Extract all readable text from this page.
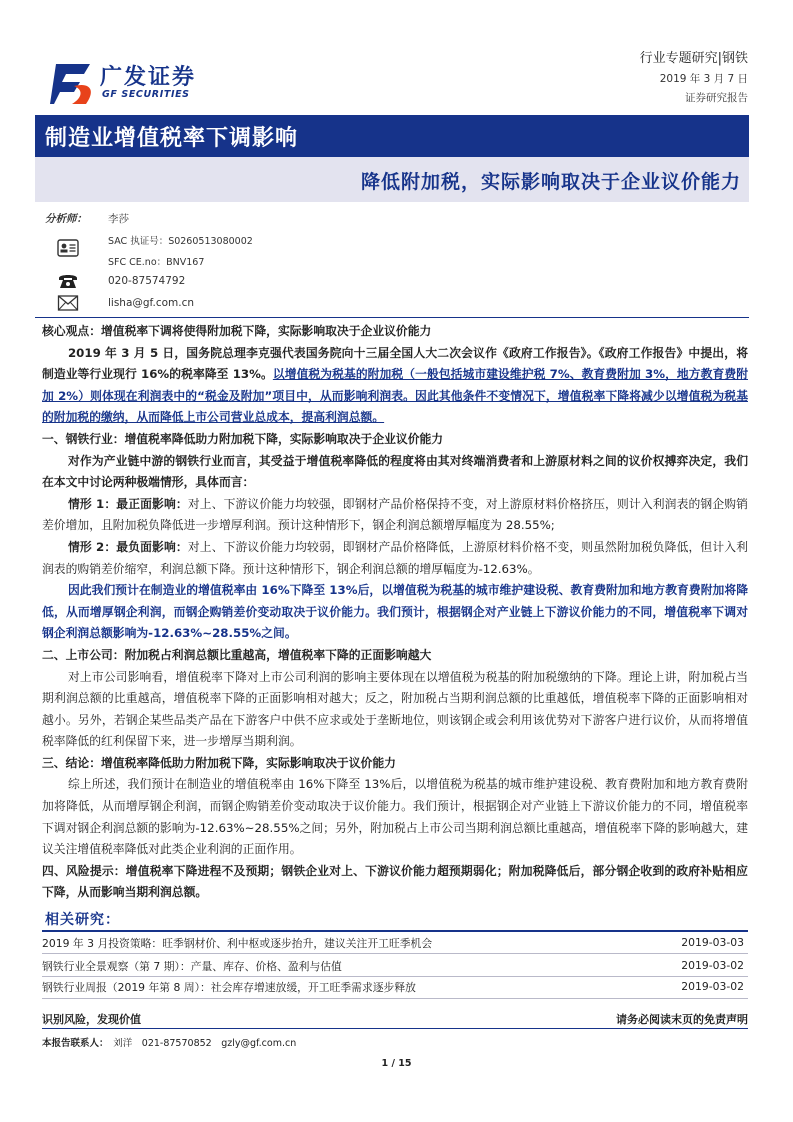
广发证券
GF SECURITIES
行业专题研究|钢铁
2019 年 3 月 7 日
证券研究报告
制造业增值税率下调影响
降低附加税，实际影响取决于企业议价能力
分析师： 李莎
SAC 执证号：S0260513080002
SFC CE.no：BNV167
020-87574792
lisha@gf.com.cn

核心观点：增值税率下调将使得附加税下降，实际影响取决于企业议价能力

2019 年 3 月 5 日，国务院总理李克强代表国务院向十三届全国人大二次会议作《政府工作报告》。《政府工作报告》中提出，将制造业等行业现行 16%的税率降至 13%。以增值税为税基的附加税（一般包括城市建设维护税 7%、教育费附加 3%，地方教育费附加 2%）则体现在利润表中的“税金及附加”项目中，从而影响利润表。因此其他条件不变情况下，增值税率下降将减少以增值税为税基的附加税的缴纳，从而降低上市公司营业总成本，提高利润总额。

一、钢铁行业：增值税率降低助力附加税下降，实际影响取决于企业议价能力

对作为产业链中游的钢铁行业而言，其受益于增值税率降低的程度将由其对终端消费者和上游原材料之间的议价权搏弈决定，我们在本文中讨论两种极端情形，具体而言：

情形 1：最正面影响：对上、下游议价能力均较强，即钢材产品价格保持不变，对上游原材料价格挤压，则计入利润表的钢企购销差价增加，且附加税负降低进一步增厚利润。预计这种情形下，钢企利润总额增厚幅度为 28.55%;

情形 2：最负面影响：对上、下游议价能力均较弱，即钢材产品价格降低，上游原材料价格不变，则虽然附加税负降低，但计入利润表的购销差价缩窄，利润总额下降。预计这种情形下，钢企利润总额的增厚幅度为-12.63%。

因此我们预计在制造业的增值税率由 16%下降至 13%后，以增值税为税基的城市维护建设税、教育费附加和地方教育费附加将降低，从而增厚钢企利润，而钢企购销差价变动取决于议价能力。我们预计，根据钢企对产业链上下游议价能力的不同，增值税率下调对钢企利润总额影响为-12.63%~28.55%之间。

二、上市公司：附加税占利润总额比重越高，增值税率下降的正面影响越大

对上市公司影响看，增值税率下降对上市公司利润的影响主要体现在以增值税为税基的附加税缴纳的下降。理论上讲，附加税占当期利润总额的比重越高，增值税率下降的正面影响相对越大；反之，附加税占当期利润总额的比重越低，增值税率下降的正面影响相对越小。另外，若钢企某些品类产品在下游客户中供不应求或处于垄断地位，则该钢企或会利用该优势对下游客户进行议价，从而将增值税率降低的红利保留下来，进一步增厚当期利润。

三、结论：增值税率降低助力附加税下降，实际影响取决于议价能力

综上所述，我们预计在制造业的增值税率由 16%下降至 13%后，以增值税为税基的城市维护建设税、教育费附加和地方教育费附加将降低，从而增厚钢企利润，而钢企购销差价变动取决于议价能力。我们预计，根据钢企对产业链上下游议价能力的不同，增值税率下调对钢企利润总额的影响为-12.63%~28.55%之间；另外，附加税占上市公司当期利润总额比重越高，增值税率下降的影响越大，建议关注增值税率降低对此类企业利润的正面作用。

四、风险提示：增值税率下降进程不及预期；钢铁企业对上、下游议价能力超预期弱化；附加税降低后，部分钢企收到的政府补贴相应下降，从而影响当期利润总额。

相关研究：
2019 年 3 月投资策略：旺季钢材价、利中枢或逐步抬升，建议关注开工旺季机会	2019-03-03
钢铁行业全景观察（第 7 期）：产量、库存、价格、盈利与估值	2019-03-02
钢铁行业周报（2019 年第 8 周）：社会库存增速放缓，开工旺季需求逐步释放	2019-03-02
识别风险，发现价值	请务必阅读末页的免责声明
本报告联系人：　 刘洋　021-87570852　gzly@gf.com.cn
1 / 15
